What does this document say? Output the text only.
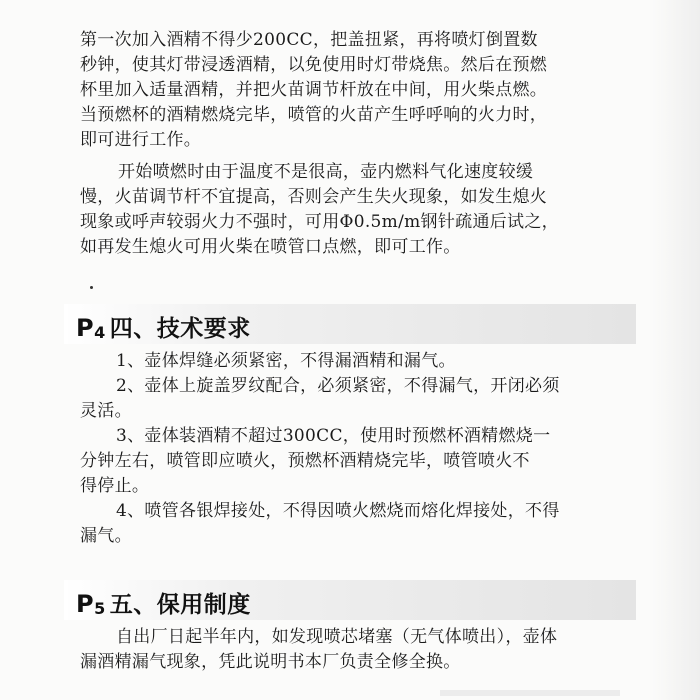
第一次加入酒精不得少200CC，把盖扭紧，再将喷灯倒置数
秒钟，使其灯带浸透酒精，以免使用时灯带烧焦。然后在预燃
杯里加入适量酒精，并把火苗调节杆放在中间，用火柴点燃。
当预燃杯的酒精燃烧完毕，喷管的火苗产生呼呼响的火力时，
即可进行工作。

开始喷燃时由于温度不是很高，壶内燃料气化速度较缓
慢，火苗调节杆不宜提高，否则会产生失火现象，如发生熄火
现象或呼声较弱火力不强时，可用Φ0.5m/m钢针疏通后试之，
如再发生熄火可用火柴在喷管口点燃，即可工作。

P4 四、技术要求

1、壶体焊缝必须紧密，不得漏酒精和漏气。
2、壶体上旋盖罗纹配合，必须紧密，不得漏气，开闭必须
灵活。
3、壶体装酒精不超过300CC，使用时预燃杯酒精燃烧一
分钟左右，喷管即应喷火，预燃杯酒精烧完毕，喷管喷火不
得停止。
4、喷管各银焊接处，不得因喷火燃烧而熔化焊接处，不得
漏气。

P5 五、保用制度

自出厂日起半年内，如发现喷芯堵塞（无气体喷出），壶体
漏酒精漏气现象，凭此说明书本厂负责全修全换。
